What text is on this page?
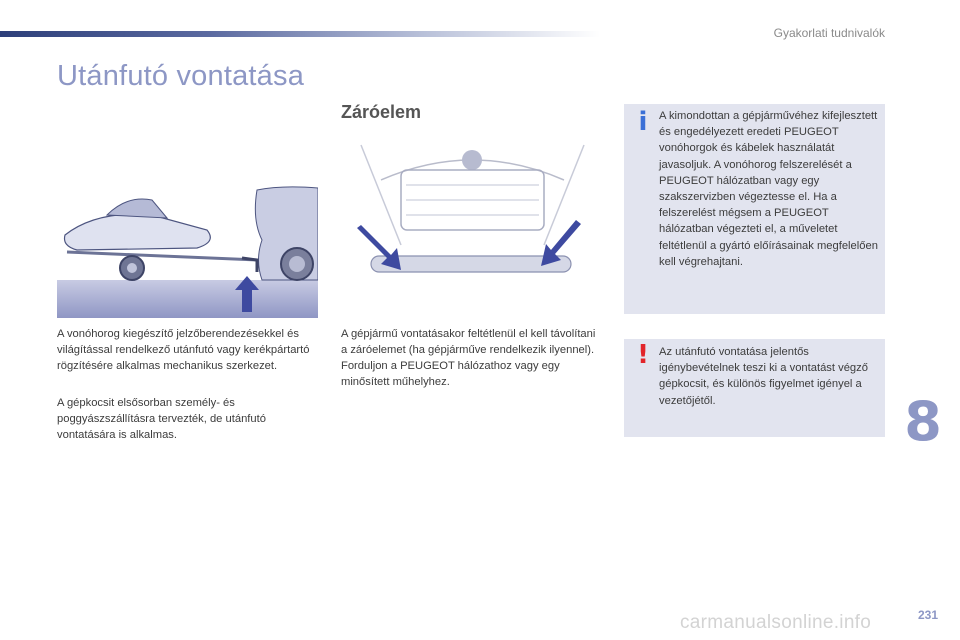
Gyakorlati tudnivalók
Utánfutó vontatása

A vonóhorog kiegészítő jelzőberendezésekkel és világítással rendelkező utánfutó vagy kerékpártartó rögzítésére alkalmas mechanikus szerkezet.

A gépkocsit elsősorban személy- és poggyászszállításra tervezték, de utánfutó vontatására is alkalmas.

Záróelem
A gépjármű vontatásakor feltétlenül el kell távolítani a záróelemet (ha gépjárműve rendelkezik ilyennel).
Forduljon a PEUGEOT hálózathoz vagy egy minősített műhelyhez.
i	A kimondottan a gépjárművéhez kifejlesztett és engedélyezett eredeti PEUGEOT vonóhorgok és kábelek használatát javasoljuk. A vonóhorog felszerelését a PEUGEOT hálózatban vagy egy szakszervizben végeztesse el. Ha a felszerelést mégsem a PEUGEOT hálózatban végezteti el, a műveletet feltétlenül a gyártó előírásainak megfelelően kell végrehajtani.
! Az utánfutó vontatása jelentős igénybevételnek teszi ki a vontatást végző gépkocsit, és különös figyelmet igényel a vezetőjétől.	8
231
carmanualsonline.info
